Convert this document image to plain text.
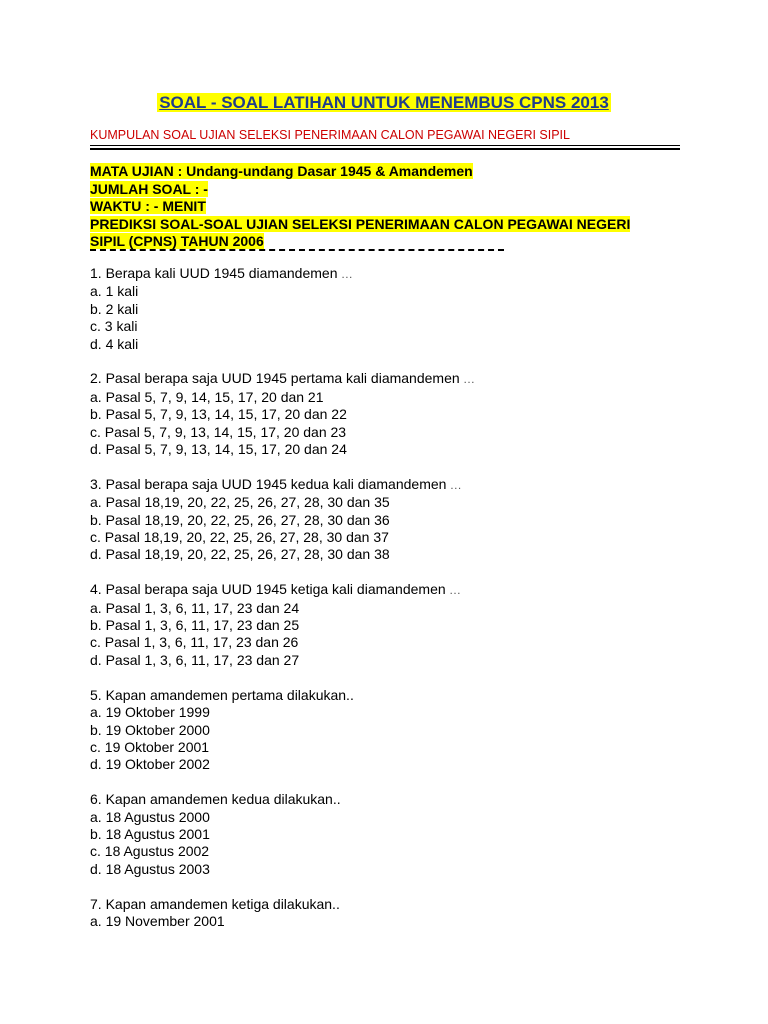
SOAL - SOAL LATIHAN UNTUK MENEMBUS CPNS 2013
KUMPULAN SOAL UJIAN SELEKSI PENERIMAAN CALON PEGAWAI NEGERI SIPIL
MATA UJIAN : Undang-undang Dasar 1945 & Amandemen
JUMLAH SOAL : -
WAKTU : - MENIT
PREDIKSI SOAL-SOAL UJIAN SELEKSI PENERIMAAN CALON PEGAWAI NEGERI
SIPIL (CPNS) TAHUN 2006
1. Berapa kali UUD 1945 diamandemen …
a. 1 kali
b. 2 kali
c. 3 kali
d. 4 kali
2. Pasal berapa saja UUD 1945 pertama kali diamandemen …
a. Pasal 5, 7, 9, 14, 15, 17, 20 dan 21
b. Pasal 5, 7, 9, 13, 14, 15, 17, 20 dan 22
c. Pasal 5, 7, 9, 13, 14, 15, 17, 20 dan 23
d. Pasal 5, 7, 9, 13, 14, 15, 17, 20 dan 24
3. Pasal berapa saja UUD 1945 kedua kali diamandemen …
a. Pasal 18,19, 20, 22, 25, 26, 27, 28, 30 dan 35
b. Pasal 18,19, 20, 22, 25, 26, 27, 28, 30 dan 36
c. Pasal 18,19, 20, 22, 25, 26, 27, 28, 30 dan 37
d. Pasal 18,19, 20, 22, 25, 26, 27, 28, 30 dan 38
4. Pasal berapa saja UUD 1945 ketiga kali diamandemen …
a. Pasal 1, 3, 6, 11, 17, 23 dan 24
b. Pasal 1, 3, 6, 11, 17, 23 dan 25
c. Pasal 1, 3, 6, 11, 17, 23 dan 26
d. Pasal 1, 3, 6, 11, 17, 23 dan 27
5. Kapan amandemen pertama dilakukan..
a. 19 Oktober 1999
b. 19 Oktober 2000
c. 19 Oktober 2001
d. 19 Oktober 2002
6. Kapan amandemen kedua dilakukan..
a. 18 Agustus 2000
b. 18 Agustus 2001
c. 18 Agustus 2002
d. 18 Agustus 2003
7. Kapan amandemen ketiga dilakukan..
a. 19 November 2001
